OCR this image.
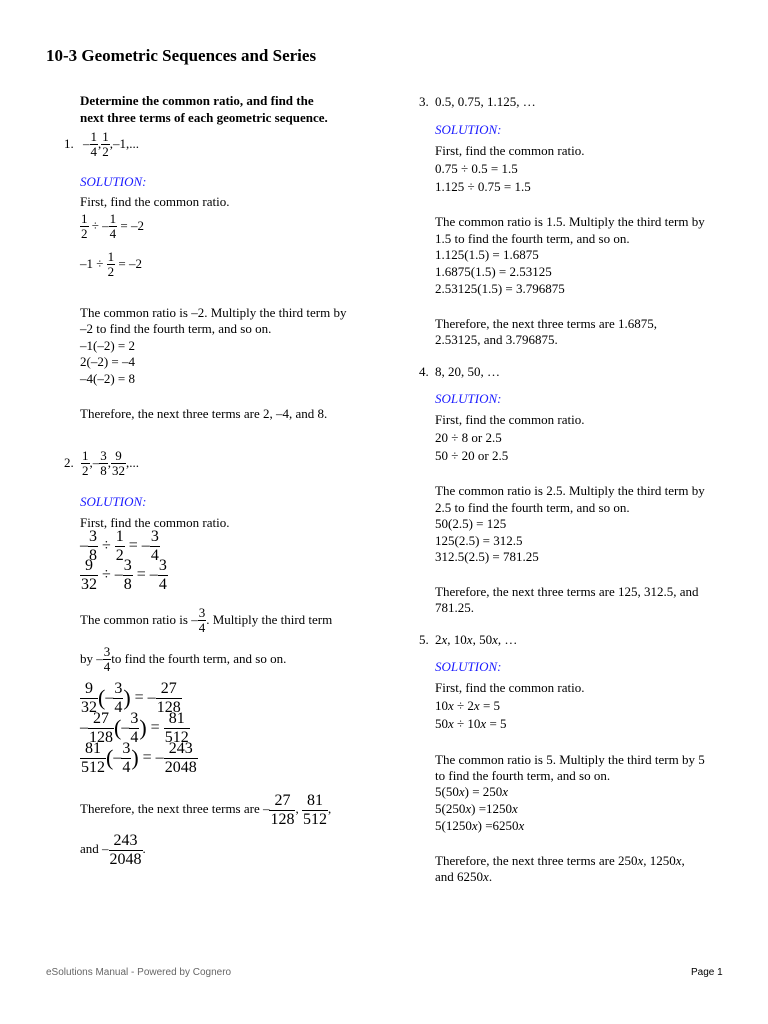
10-3 Geometric Sequences and Series
Determine the common ratio, and find the
next three terms of each geometric sequence.
1. – $\frac{1}{4}$ , $\frac{1}{2} ,-1$,...
SOLUTION:
First, find the common ratio.
$\frac{1}{2}$ ÷ – $\frac{1}{4} = -2$
$-1 \div \frac{1}{2} = -2$
The common ratio is –2. Multiply the third term by
–2 to find the fourth term, and so on.
–1(–2) = 2
2(–2) = –4
–4(–2) = 8
Therefore, the next three terms are 2, –4, and 8.
2. $\frac{1}{2}$ ,– $\frac{3}{8}$ , $\frac{9}{32}$ ,...
SOLUTION:
First, find the common ratio.
– $\frac{3}{8} \div \frac{1}{2}$ = – $\frac{3}{4}$
$\frac{9}{32}$ ÷ – $\frac{3}{8}$ = – $\frac{3}{4}$
The common ratio is – $\frac{3}{4}$ . Multiply the third term
by – $\frac{3}{4}$ to find the fourth term, and so on.
$\frac{9}{32}$ (– $\frac{3}{4}$ ) = – $\frac{27}{128}$
– $\frac{27}{128}$ (– $\frac{3}{4}$ ) = $\frac{81}{512}$
$\frac{81}{512}$ (– $\frac{3}{4}$ ) = – $\frac{243}{2048}$
Therefore, the next three terms are – $\frac{27}{128}$ , $\frac{81}{512}$ ,
and – $\frac{243}{2048}$ .
3. 0.5, 0.75, 1.125, …
SOLUTION:
First, find the common ratio.
0.75 ÷ 0.5 = 1.5
1.125 ÷ 0.75 = 1.5
The common ratio is 1.5. Multiply the third term by
1.5 to find the fourth term, and so on.
1.125(1.5) = 1.6875
1.6875(1.5) = 2.53125
2.53125(1.5) = 3.796875
Therefore, the next three terms are 1.6875,
2.53125, and 3.796875.
4. 8, 20, 50, …
SOLUTION:
First, find the common ratio.
20 ÷ 8 or 2.5
50 ÷ 20 or 2.5
The common ratio is 2.5. Multiply the third term by
2.5 to find the fourth term, and so on.
50(2.5) = 125
125(2.5) = 312.5
312.5(2.5) = 781.25
Therefore, the next three terms are 125, 312.5, and
781.25.
5. 2x, 10x, 50x, …
SOLUTION:
First, find the common ratio.
10x ÷ 2x = 5
50x ÷ 10x = 5
The common ratio is 5. Multiply the third term by 5
to find the fourth term, and so on.
5(50x) = 250x
5(250x) =1250x
5(1250x) =6250x
Therefore, the next three terms are 250x, 1250x,
and 6250x.
eSolutions Manual - Powered by Cognero	Page 1
